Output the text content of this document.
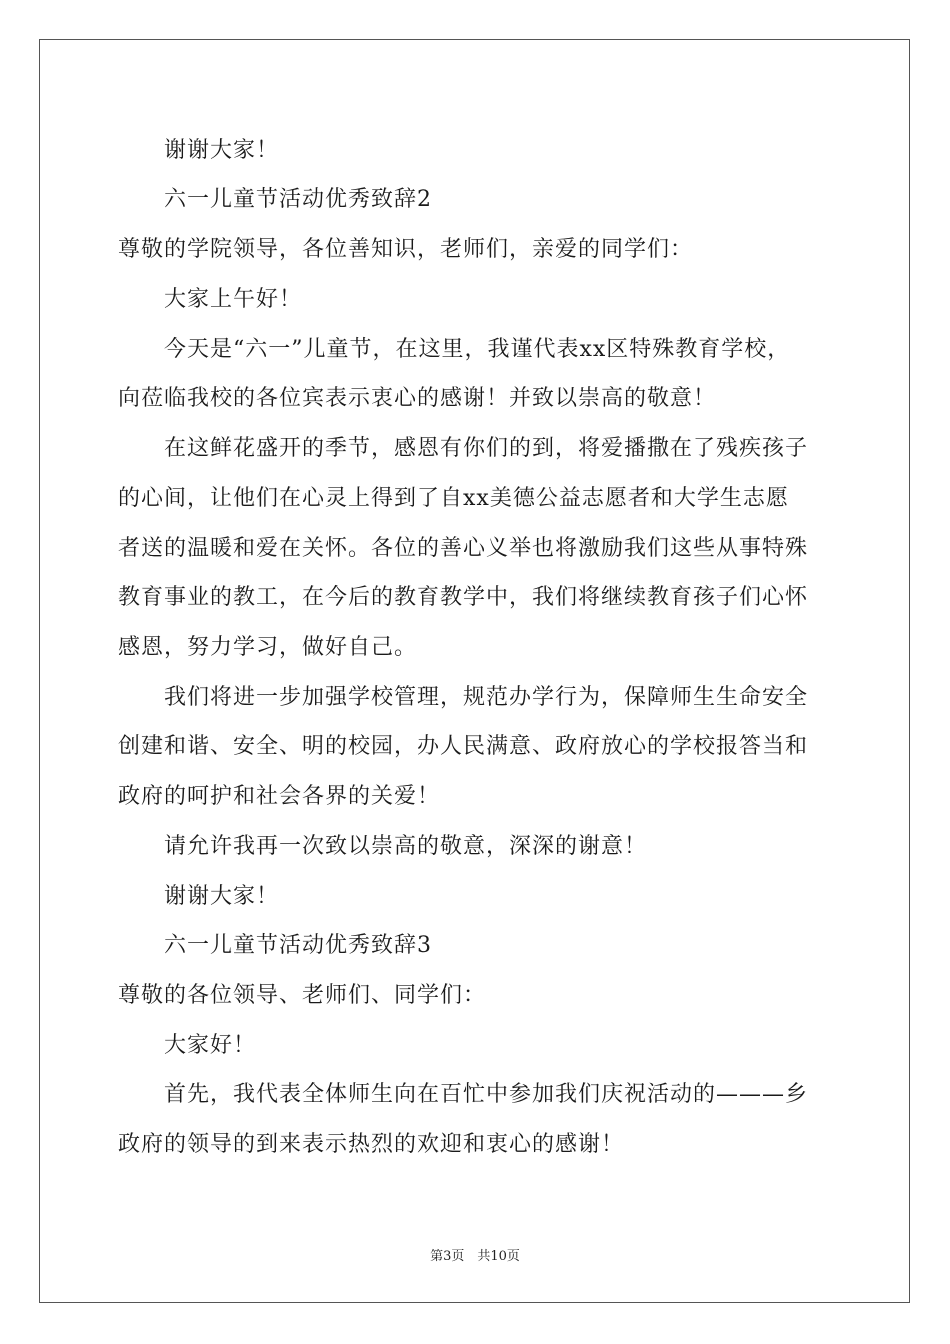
谢谢大家！
六一儿童节活动优秀致辞2
尊敬的学院领导，各位善知识，老师们，亲爱的同学们：
大家上午好！
今天是“六一”儿童节，在这里，我谨代表xx区特殊教育学校，
向莅临我校的各位宾表示衷心的感谢！并致以崇高的敬意！
在这鲜花盛开的季节，感恩有你们的到，将爱播撒在了残疾孩子
的心间，让他们在心灵上得到了自xx美德公益志愿者和大学生志愿
者送的温暖和爱在关怀。各位的善心义举也将激励我们这些从事特殊
教育事业的教工，在今后的教育教学中，我们将继续教育孩子们心怀
感恩，努力学习，做好自己。
我们将进一步加强学校管理，规范办学行为，保障师生生命安全
创建和谐、安全、明的校园，办人民满意、政府放心的学校报答当和
政府的呵护和社会各界的关爱！
请允许我再一次致以崇高的敬意，深深的谢意！
谢谢大家！
六一儿童节活动优秀致辞3
尊敬的各位领导、老师们、同学们：
大家好！
首先，我代表全体师生向在百忙中参加我们庆祝活动的———乡
政府的领导的到来表示热烈的欢迎和衷心的感谢！
第3页　共10页
